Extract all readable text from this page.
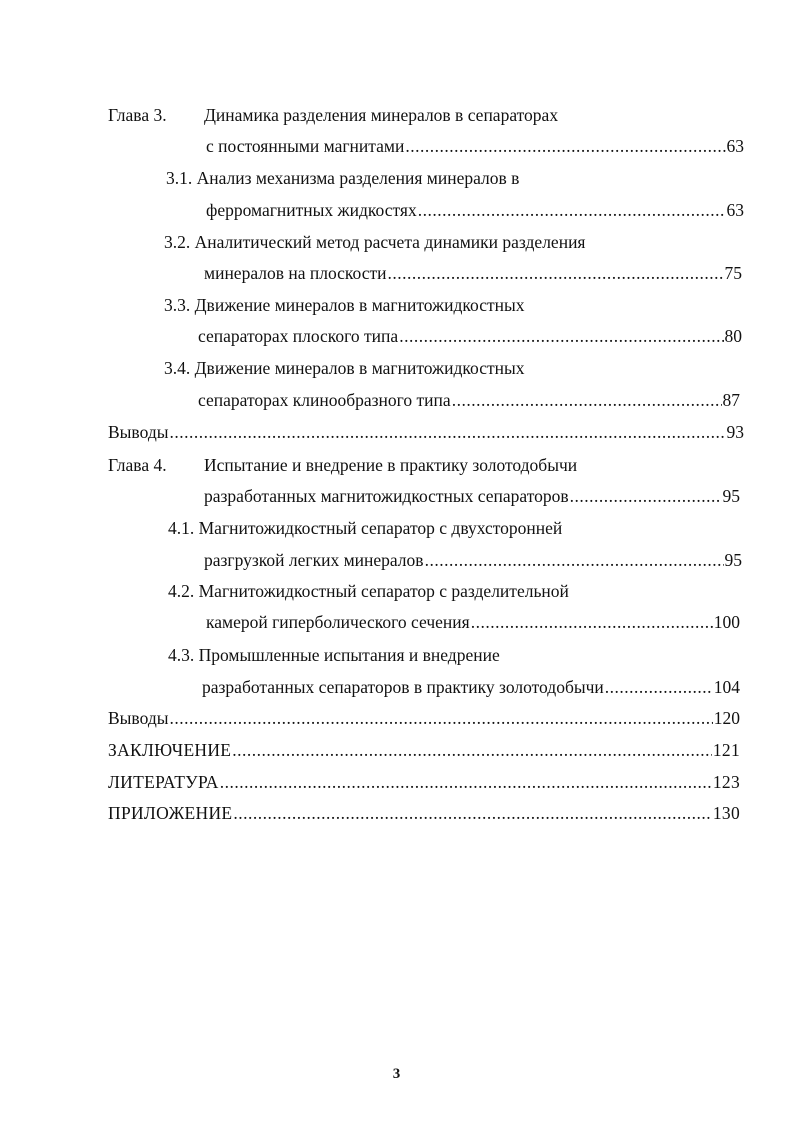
Глава 3. Динамика разделения минералов в сепараторах
с постоянными магнитами .....	63
3.1. Анализ механизма разделения минералов в
ферромагнитных жидкостях .....	63
3.2. Аналитический метод расчета динамики разделения
минералов на плоскости .....	75
3.3. Движение минералов в магнитожидкостных
сепараторах плоского типа .....	80
3.4. Движение минералов в магнитожидкостных
сепараторах клинообразного типа .....	87
Выводы .....	93
Глава 4. Испытание и внедрение в практику золотодобычи
разработанных магнитожидкостных сепараторов .....	95
4.1. Магнитожидкостный сепаратор с двухсторонней
разгрузкой легких минералов .....	95
4.2. Магнитожидкостный сепаратор с разделительной
камерой гиперболического сечения .....	100
4.3. Промышленные испытания и внедрение
разработанных сепараторов в практику золотодобычи .....	104
Выводы .....	120
ЗАКЛЮЧЕНИЕ .....	121
ЛИТЕРАТУРА .....	123
ПРИЛОЖЕНИЕ .....	130
3
